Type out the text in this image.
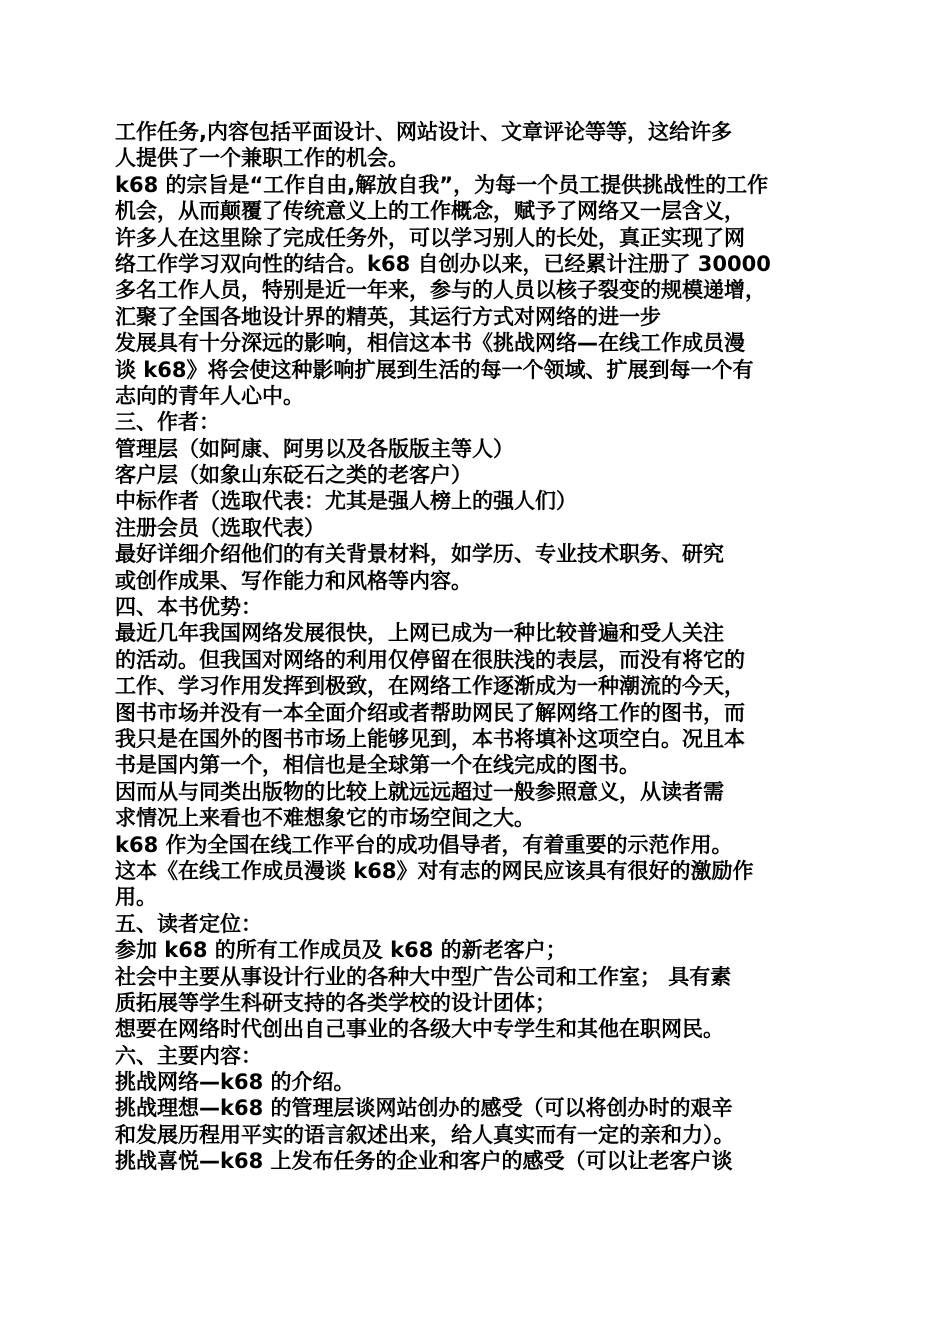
工作任务,内容包括平面设计、网站设计、文章评论等等，这给许多
人提供了一个兼职工作的机会。
k68 的宗旨是“工作自由,解放自我”，为每一个员工提供挑战性的工作
机会，从而颠覆了传统意义上的工作概念，赋予了网络又一层含义，
许多人在这里除了完成任务外，可以学习别人的长处，真正实现了网
络工作学习双向性的结合。k68 自创办以来，已经累计注册了 30000
多名工作人员，特别是近一年来，参与的人员以核子裂变的规模递增，
汇聚了全国各地设计界的精英，其运行方式对网络的进一步
发展具有十分深远的影响，相信这本书《挑战网络—在线工作成员漫
谈 k68》将会使这种影响扩展到生活的每一个领域、扩展到每一个有
志向的青年人心中。
三、作者：
管理层（如阿康、阿男以及各版版主等人）
客户层（如象山东砭石之类的老客户）
中标作者（选取代表：尤其是强人榜上的强人们）
注册会员（选取代表）
最好详细介绍他们的有关背景材料，如学历、专业技术职务、研究
或创作成果、写作能力和风格等内容。
四、本书优势：
最近几年我国网络发展很快，上网已成为一种比较普遍和受人关注
的活动。但我国对网络的利用仅停留在很肤浅的表层，而没有将它的
工作、学习作用发挥到极致，在网络工作逐渐成为一种潮流的今天，
图书市场并没有一本全面介绍或者帮助网民了解网络工作的图书，而
我只是在国外的图书市场上能够见到，本书将填补这项空白。况且本
书是国内第一个，相信也是全球第一个在线完成的图书。
因而从与同类出版物的比较上就远远超过一般参照意义，从读者需
求情况上来看也不难想象它的市场空间之大。
k68 作为全国在线工作平台的成功倡导者，有着重要的示范作用。
这本《在线工作成员漫谈 k68》对有志的网民应该具有很好的激励作
用。
五、读者定位：
参加 k68 的所有工作成员及 k68 的新老客户；
社会中主要从事设计行业的各种大中型广告公司和工作室； 具有素
质拓展等学生科研支持的各类学校的设计团体；
想要在网络时代创出自己事业的各级大中专学生和其他在职网民。
六、主要内容：
挑战网络—k68 的介绍。
挑战理想—k68 的管理层谈网站创办的感受（可以将创办时的艰辛
和发展历程用平实的语言叙述出来，给人真实而有一定的亲和力）。
挑战喜悦—k68 上发布任务的企业和客户的感受（可以让老客户谈
